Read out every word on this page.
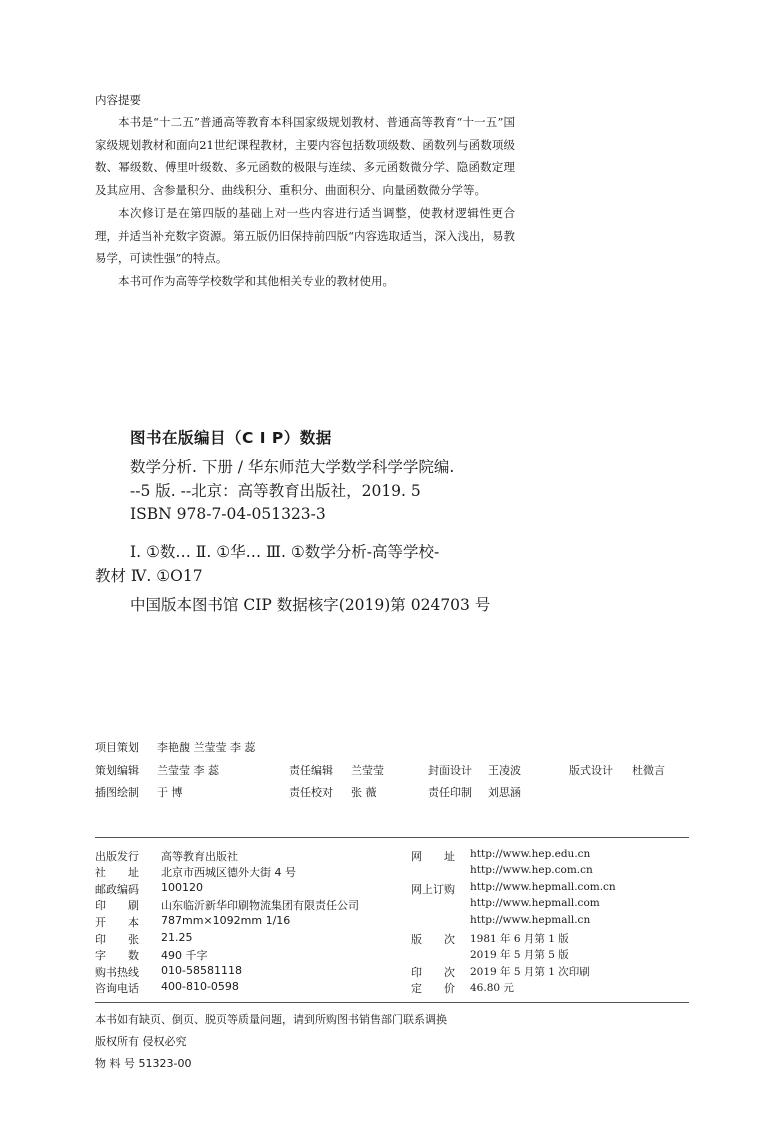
内容提要

本书是“十二五”普通高等教育本科国家级规划教材、普通高等教育“十一五”国家级规划教材和面向21世纪课程教材，主要内容包括数项级数、函数列与函数项级数、幂级数、傅里叶级数、多元函数的极限与连续、多元函数微分学、隐函数定理及其应用、含参量积分、曲线积分、重积分、曲面积分、向量函数微分学等。

本次修订是在第四版的基础上对一些内容进行适当调整，使教材逻辑性更合理，并适当补充数字资源。第五版仍旧保持前四版“内容选取适当，深入浅出，易教易学，可读性强”的特点。

本书可作为高等学校数学和其他相关专业的教材使用。

图书在版编目（C I P）数据
数学分析. 下册 / 华东师范大学数学科学学院编.
--5 版. --北京：高等教育出版社，2019. 5
ISBN 978-7-04-051323-3
Ⅰ. ①数… Ⅱ. ①华… Ⅲ. ①数学分析-高等学校-
教材 Ⅳ. ①O17
中国版本图书馆 CIP 数据核字(2019)第 024703 号
项目策划 李艳馥 兰莹莹 李 蕊
策划编辑 兰莹莹 李 蕊	责任编辑 兰莹莹	封面设计 王凌波	版式设计 杜微言
插图绘制 于 博	责任校对 张 薇	责任印制 刘思涵
出版发行 高等教育出版社	网　　址 http://www.hep.edu.cn
社　　址 北京市西城区德外大街 4 号	http://www.hep.com.cn
邮政编码 100120	网上订购 http://www.hepmall.com.cn
印　　刷 山东临沂新华印刷物流集团有限责任公司	http://www.hepmall.com
开　　本 787mm×1092mm 1/16	http://www.hepmall.cn
印　　张 21.25	版　　次 1981 年 6 月第 1 版
字　　数 490 千字	2019 年 5 月第 5 版
购书热线 010-58581118	印　　次 2019 年 5 月第 1 次印刷
咨询电话 400-810-0598	定　　价 46.80 元
本书如有缺页、倒页、脱页等质量问题，请到所购图书销售部门联系调换
版权所有 侵权必究
物 料 号 51323-00
